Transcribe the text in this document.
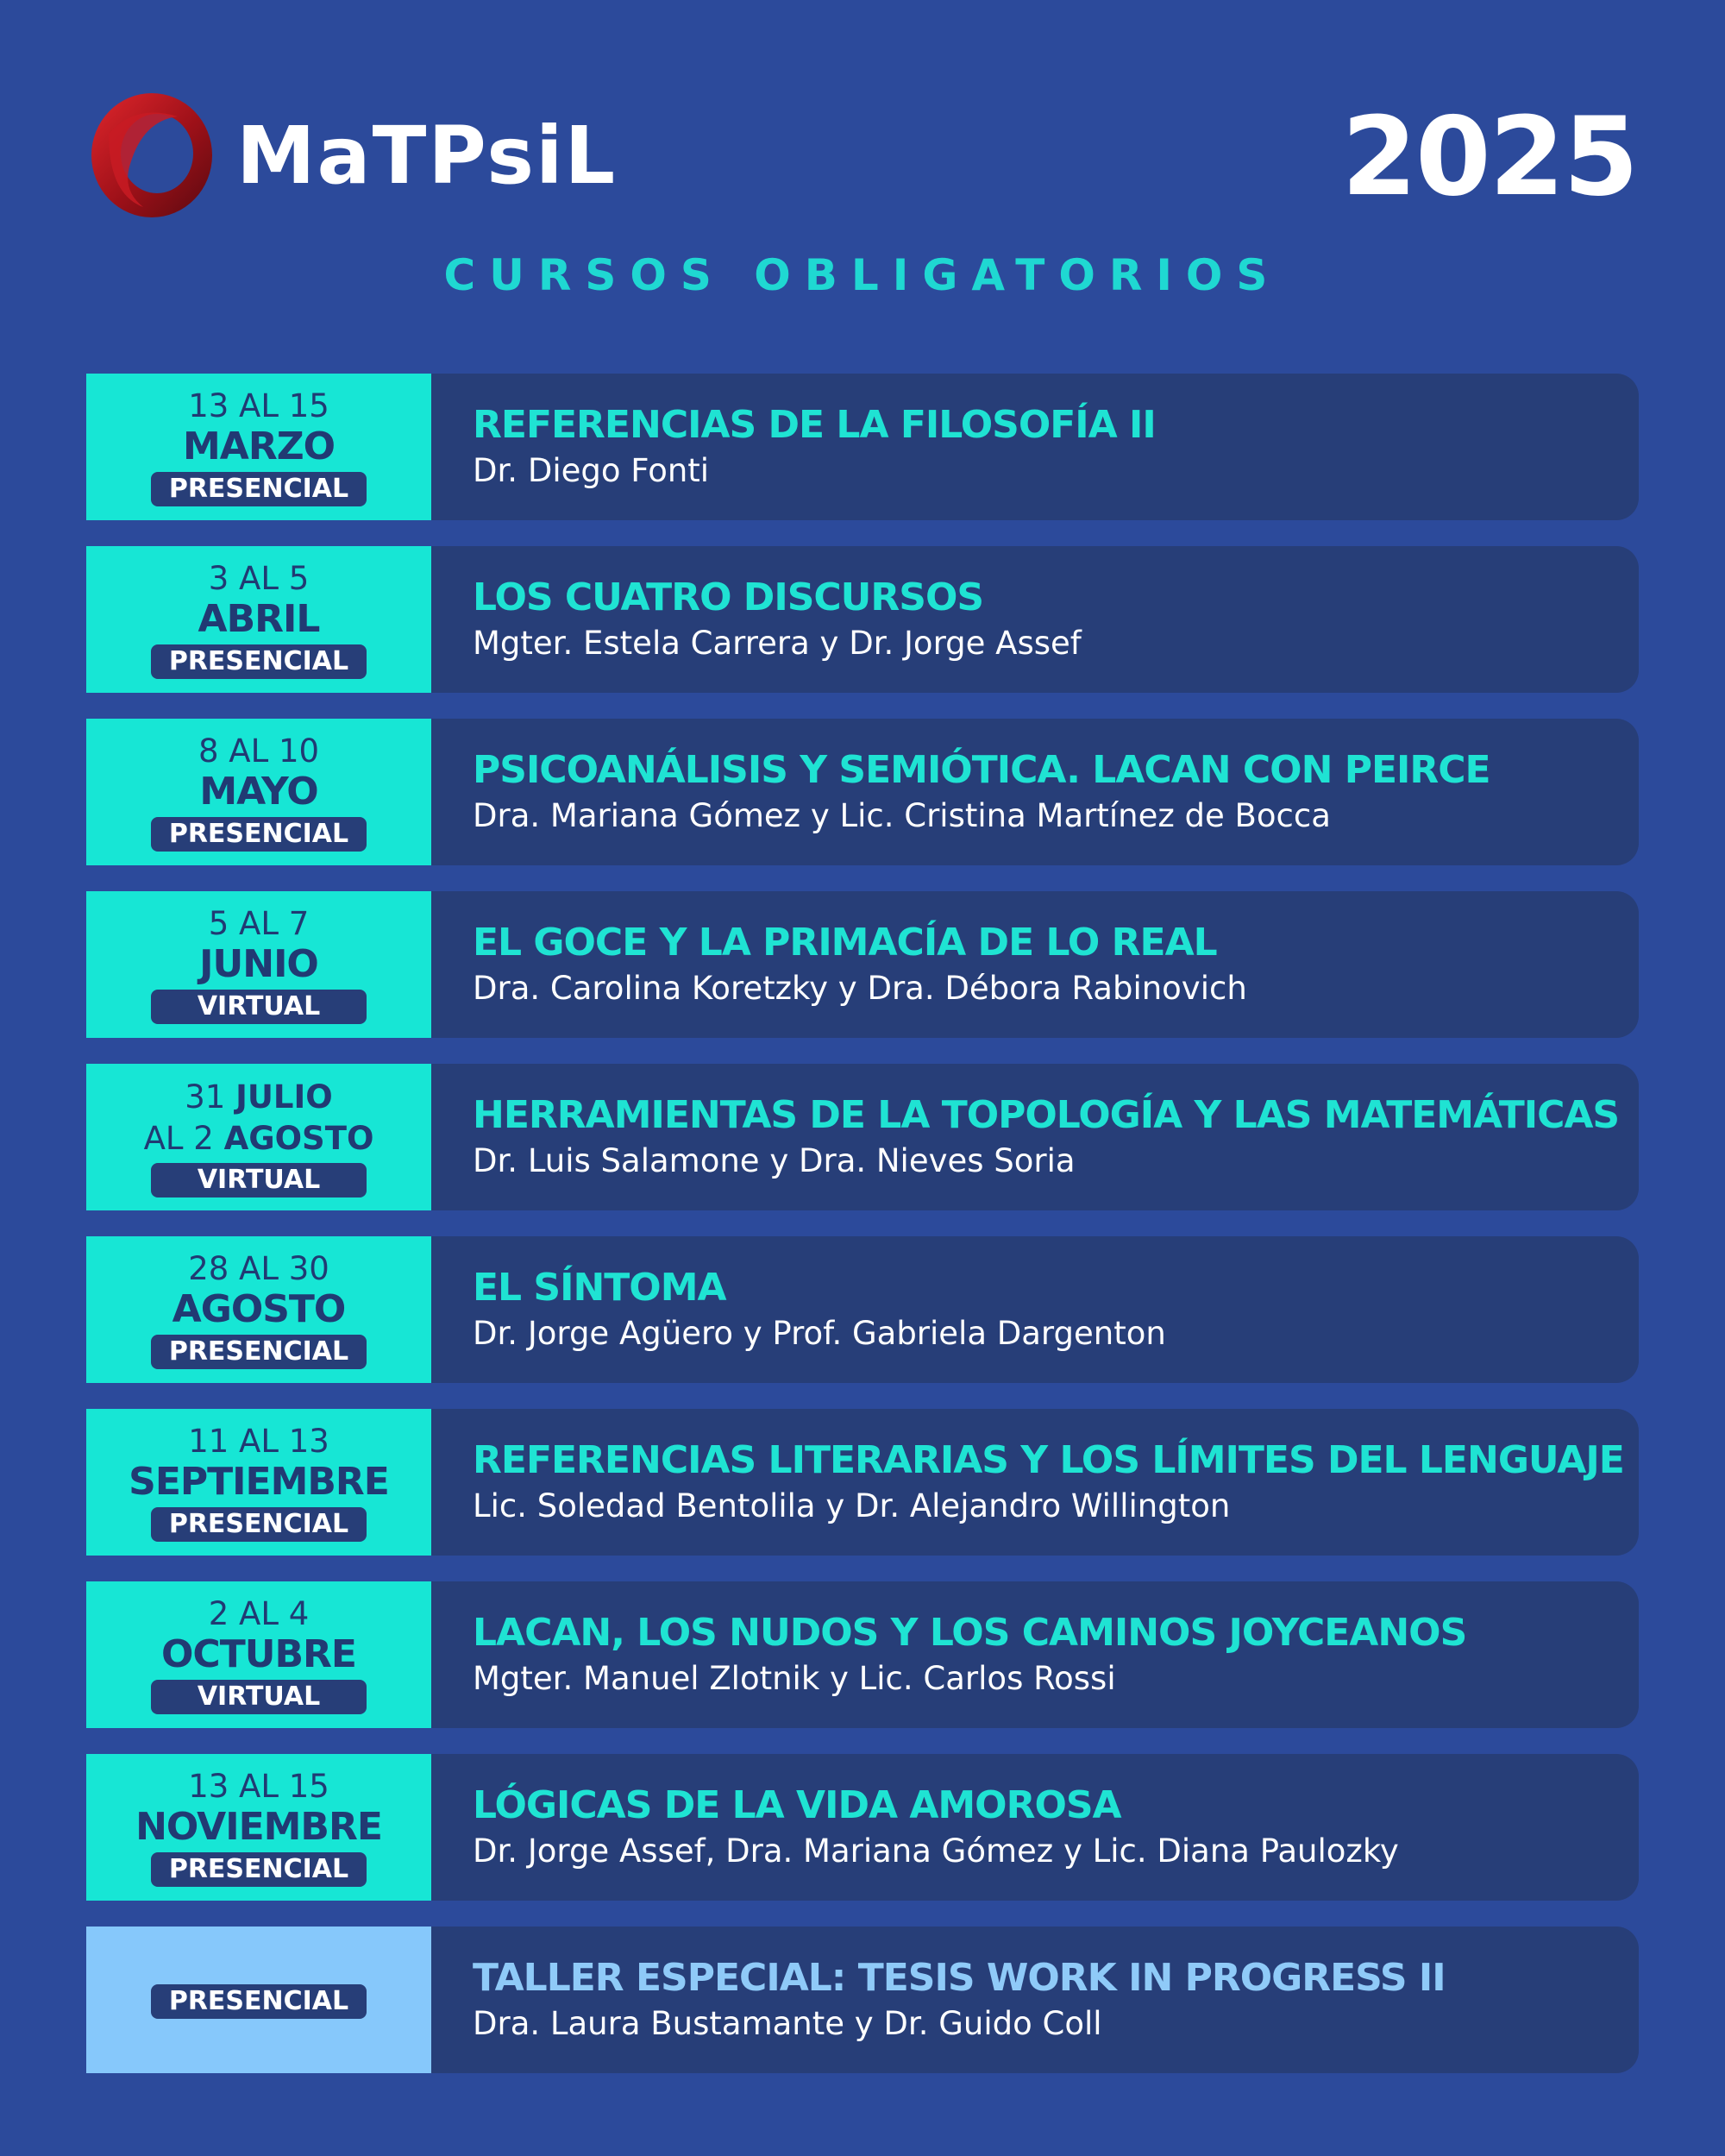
MaTPsiL	2025
CURSOS OBLIGATORIOS
13 AL 15
MARZO
PRESENCIAL
REFERENCIAS DE LA FILOSOFÍA II
Dr. Diego Fonti
3 AL 5
ABRIL
PRESENCIAL
LOS CUATRO DISCURSOS
Mgter. Estela Carrera y Dr. Jorge Assef
8 AL 10
MAYO
PRESENCIAL
PSICOANÁLISIS Y SEMIÓTICA. LACAN CON PEIRCE
Dra. Mariana Gómez y Lic. Cristina Martínez de Bocca
5 AL 7
JUNIO
VIRTUAL
EL GOCE Y LA PRIMACÍA DE LO REAL
Dra. Carolina Koretzky y Dra. Débora Rabinovich
31 JULIO
AL 2 AGOSTO
VIRTUAL
HERRAMIENTAS DE LA TOPOLOGÍA Y LAS MATEMÁTICAS
Dr. Luis Salamone y Dra. Nieves Soria
28 AL 30
AGOSTO
PRESENCIAL
EL SÍNTOMA
Dr. Jorge Agüero y Prof. Gabriela Dargenton
11 AL 13
SEPTIEMBRE
PRESENCIAL
REFERENCIAS LITERARIAS Y LOS LÍMITES DEL LENGUAJE
Lic. Soledad Bentolila y Dr. Alejandro Willington
2 AL 4
OCTUBRE
VIRTUAL
LACAN, LOS NUDOS Y LOS CAMINOS JOYCEANOS
Mgter. Manuel Zlotnik y Lic. Carlos Rossi
13 AL 15
NOVIEMBRE
PRESENCIAL
LÓGICAS DE LA VIDA AMOROSA
Dr. Jorge Assef, Dra. Mariana Gómez y Lic. Diana Paulozky
PRESENCIAL
TALLER ESPECIAL: TESIS WORK IN PROGRESS II
Dra. Laura Bustamante y Dr. Guido Coll
